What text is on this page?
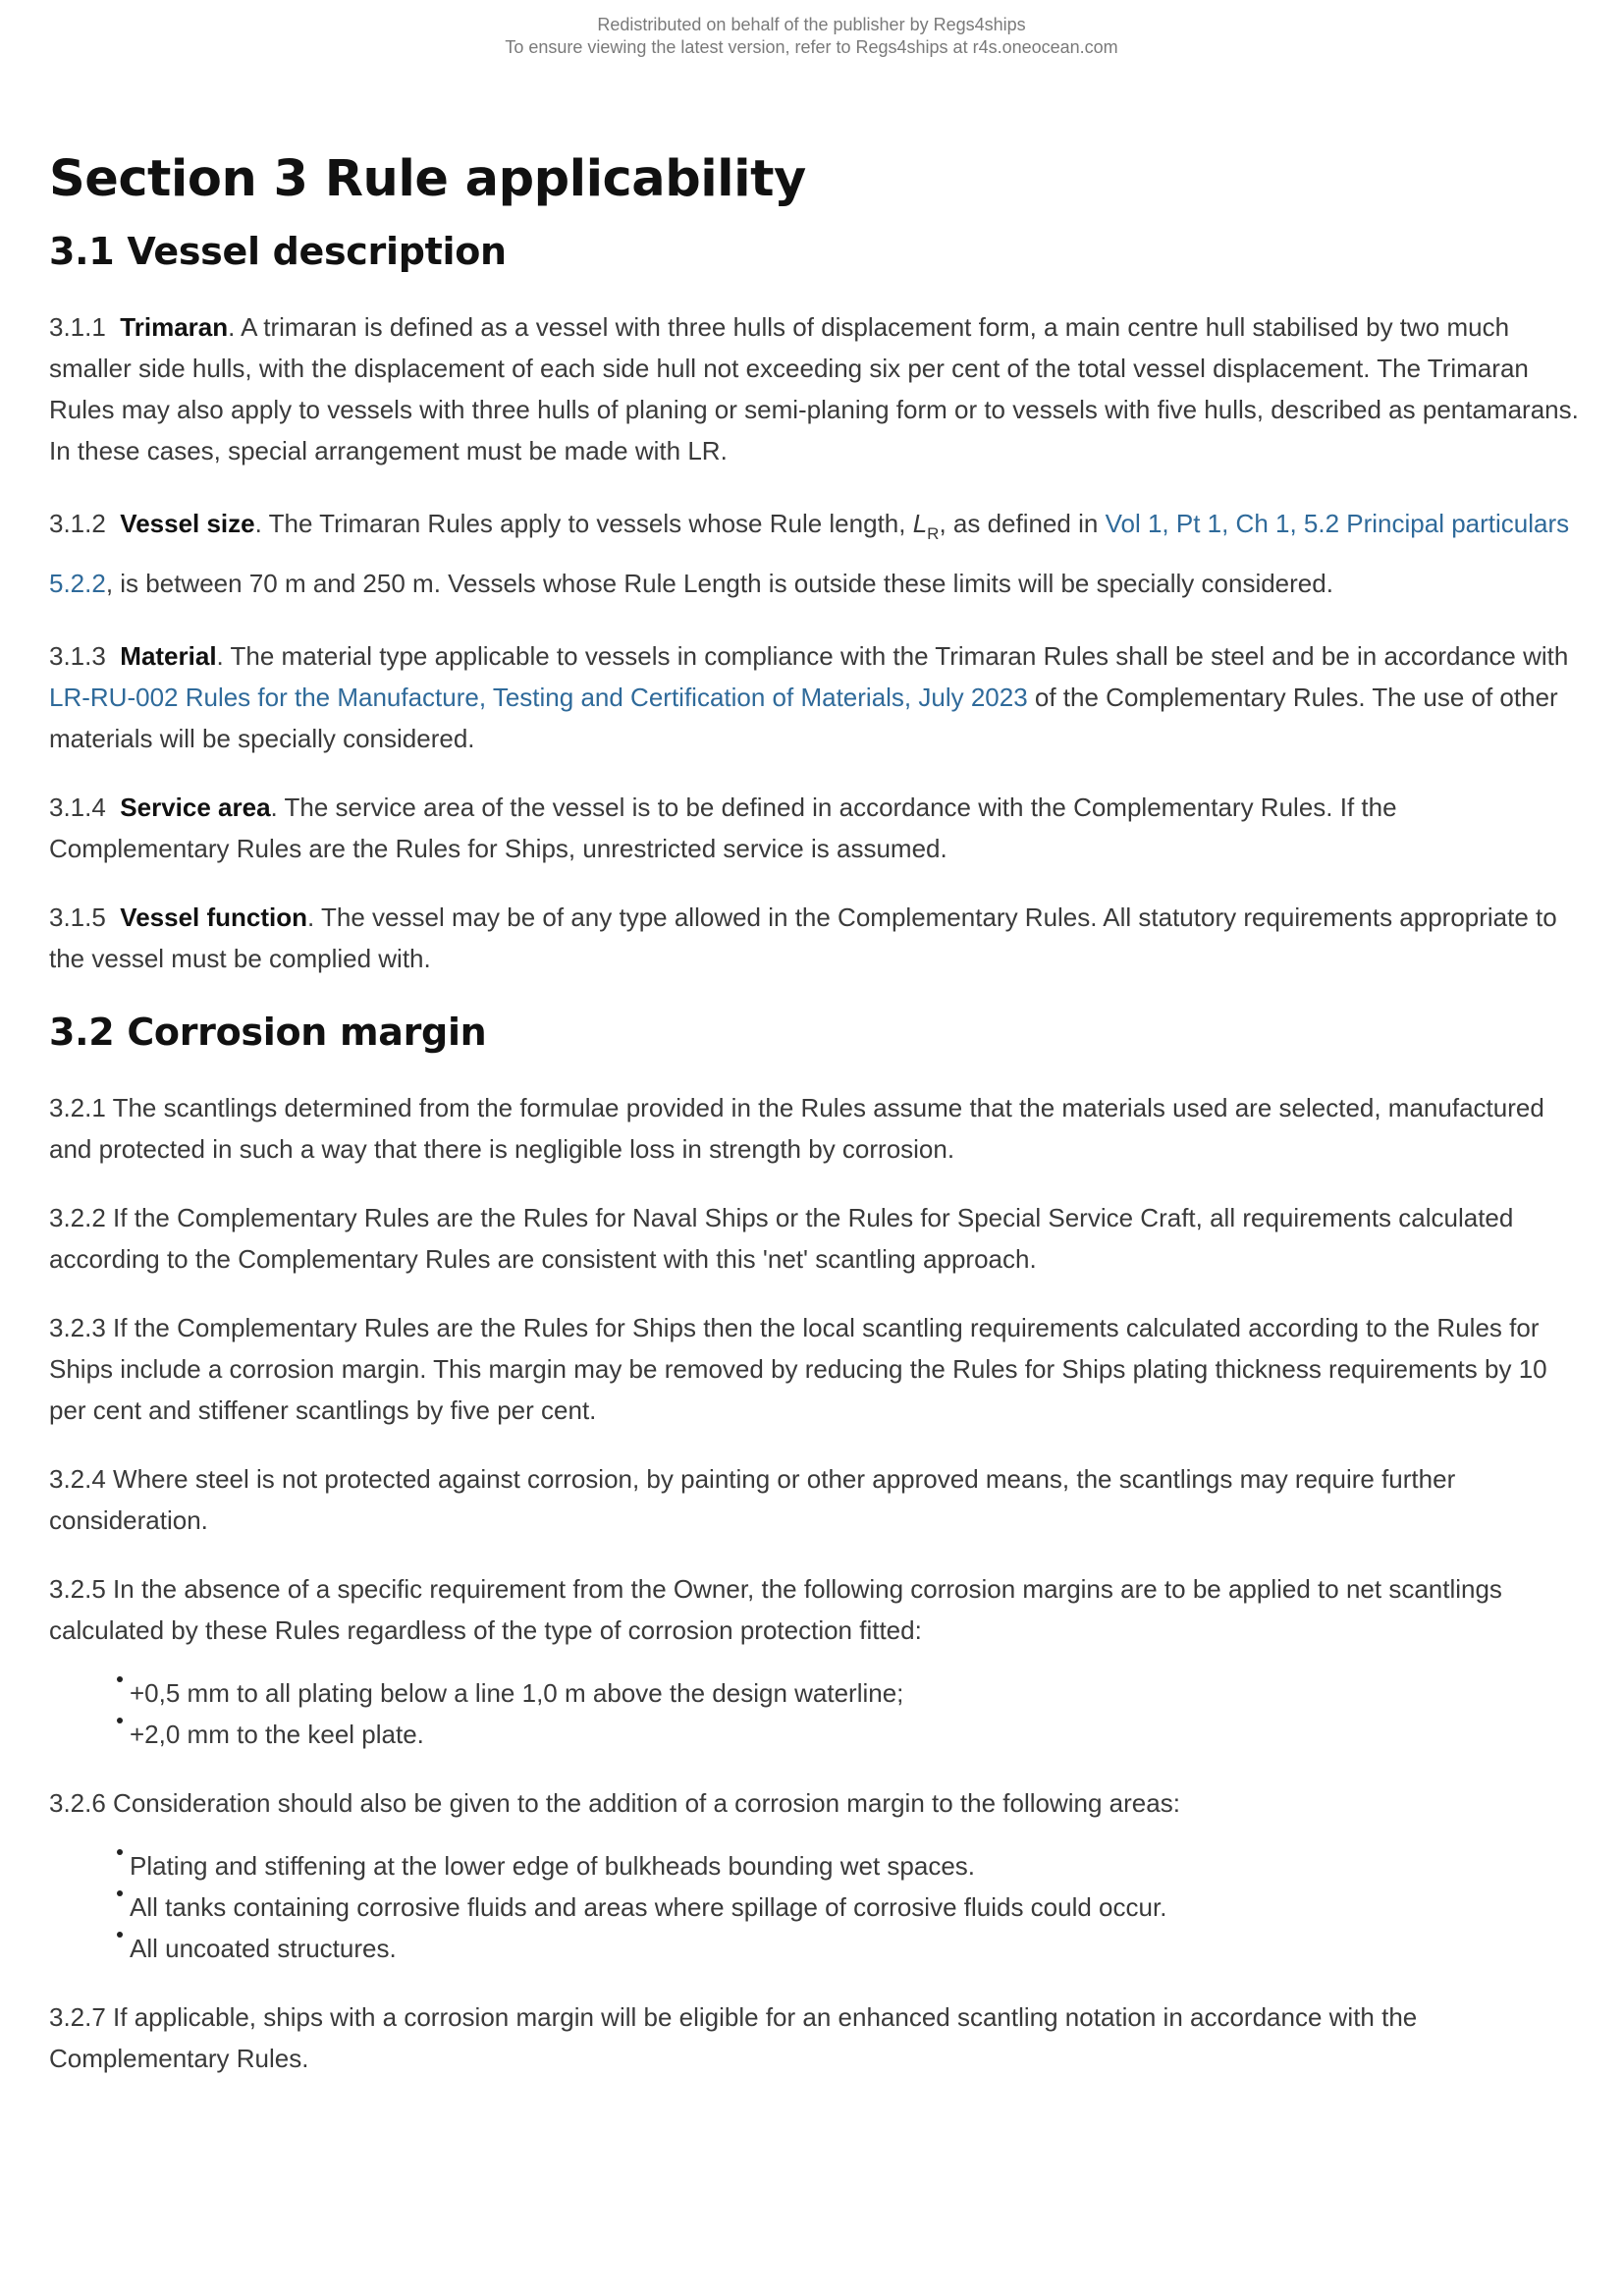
Redistributed on behalf of the publisher by Regs4ships
To ensure viewing the latest version, refer to Regs4ships at r4s.oneocean.com
Section 3 Rule applicability
3.1 Vessel description

3.1.1 Trimaran. A trimaran is defined as a vessel with three hulls of displacement form, a main centre hull stabilised by two much smaller side hulls, with the displacement of each side hull not exceeding six per cent of the total vessel displacement. The Trimaran Rules may also apply to vessels with three hulls of planing or semi-planing form or to vessels with five hulls, described as pentamarans. In these cases, special arrangement must be made with LR.

3.1.2 Vessel size. The Trimaran Rules apply to vessels whose Rule length, $L_R$, as defined in Vol 1, Pt 1, Ch 1, 5.2 Principal particulars 5.2.2, is between 70 m and 250 m. Vessels whose Rule Length is outside these limits will be specially considered.

3.1.3 Material. The material type applicable to vessels in compliance with the Trimaran Rules shall be steel and be in accordance with LR-RU-002 Rules for the Manufacture, Testing and Certification of Materials, July 2023 of the Complementary Rules. The use of other materials will be specially considered.

3.1.4 Service area. The service area of the vessel is to be defined in accordance with the Complementary Rules. If the Complementary Rules are the Rules for Ships, unrestricted service is assumed.

3.1.5 Vessel function. The vessel may be of any type allowed in the Complementary Rules. All statutory requirements appropriate to the vessel must be complied with.

3.2 Corrosion margin

3.2.1 The scantlings determined from the formulae provided in the Rules assume that the materials used are selected, manufactured and protected in such a way that there is negligible loss in strength by corrosion.

3.2.2 If the Complementary Rules are the Rules for Naval Ships or the Rules for Special Service Craft, all requirements calculated according to the Complementary Rules are consistent with this 'net' scantling approach.

3.2.3 If the Complementary Rules are the Rules for Ships then the local scantling requirements calculated according to the Rules for Ships include a corrosion margin. This margin may be removed by reducing the Rules for Ships plating thickness requirements by 10 per cent and stiffener scantlings by five per cent.

3.2.4 Where steel is not protected against corrosion, by painting or other approved means, the scantlings may require further consideration.

3.2.5 In the absence of a specific requirement from the Owner, the following corrosion margins are to be applied to net scantlings calculated by these Rules regardless of the type of corrosion protection fitted:

+0,5 mm to all plating below a line 1,0 m above the design waterline;
+2,0 mm to the keel plate.

3.2.6 Consideration should also be given to the addition of a corrosion margin to the following areas:

Plating and stiffening at the lower edge of bulkheads bounding wet spaces.
All tanks containing corrosive fluids and areas where spillage of corrosive fluids could occur.
All uncoated structures.

3.2.7 If applicable, ships with a corrosion margin will be eligible for an enhanced scantling notation in accordance with the Complementary Rules.
